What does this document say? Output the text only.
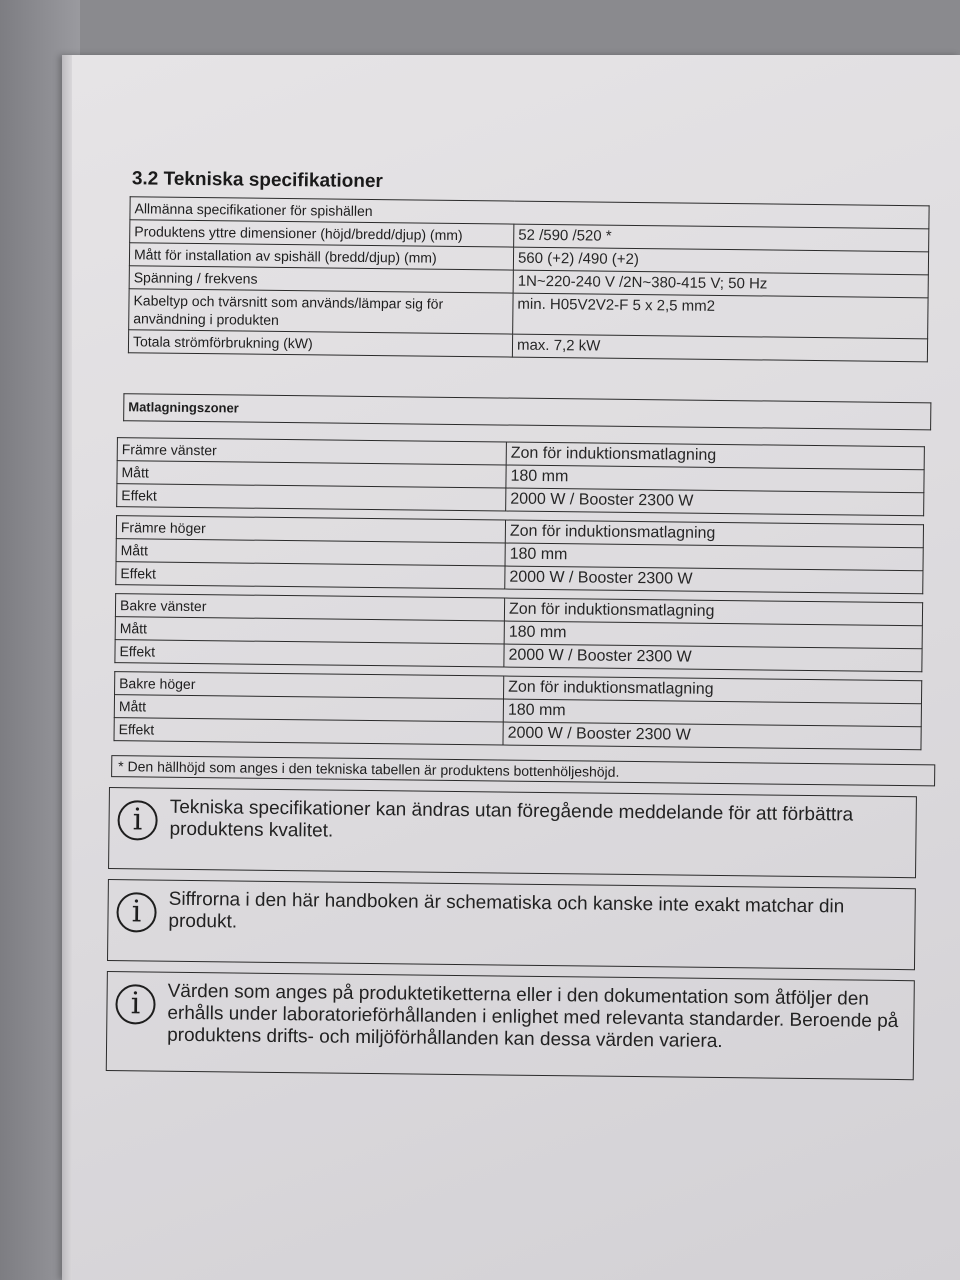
3.2 Tekniska specifikationer
Allmänna specifikationer för spishällen	
Produktens yttre dimensioner (höjd/bredd/djup) (mm)	52 /590 /520 *
Mått för installation av spishäll (bredd/djup) (mm)	560 (+2) /490 (+2)
Spänning / frekvens	1N~220-240 V /2N~380-415 V; 50 Hz
Kabeltyp och tvärsnitt som används/lämpar sig för användning i produkten	min. H05V2V2-F 5 x 2,5 mm2
Totala strömförbrukning (kW)	max. 7,2 kW
Matlagningszoner
Främre vänster	Zon för induktionsmatlagning
Mått	180 mm
Effekt	2000 W / Booster 2300 W
Främre höger	Zon för induktionsmatlagning
Mått	180 mm
Effekt	2000 W / Booster 2300 W
Bakre vänster	Zon för induktionsmatlagning
Mått	180 mm
Effekt	2000 W / Booster 2300 W
Bakre höger	Zon för induktionsmatlagning
Mått	180 mm
Effekt	2000 W / Booster 2300 W
* Den hällhöjd som anges i den tekniska tabellen är produktens bottenhöljeshöjd.
i	Tekniska specifikationer kan ändras utan föregående meddelande för att förbättra produktens kvalitet.
i	Siffrorna i den här handboken är schematiska och kanske inte exakt matchar din produkt.
i	Värden som anges på produktetiketterna eller i den dokumentation som åtföljer den erhålls under laboratorieförhållanden i enlighet med relevanta standarder. Beroende på produktens drifts- och miljöförhållanden kan dessa värden variera.
